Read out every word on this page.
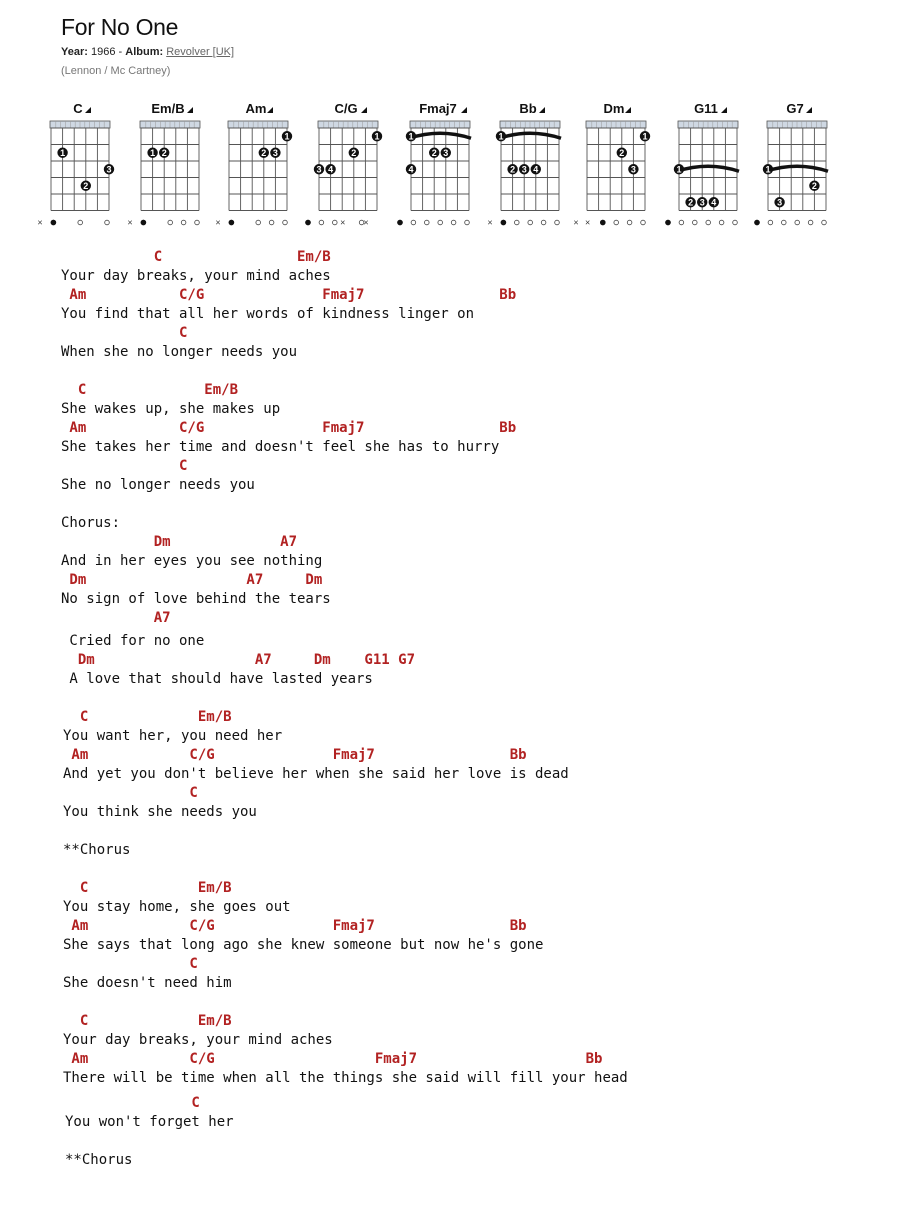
For No One
Year: 1966 - Album: Revolver [UK]
(Lennon / Mc Cartney)
C
1
2
3
×
Em/B
1 2
×
Am
2 3
1
×
C/G
3 4
2
1
× ×
Fmaj7
1
4
2 3
Bb
1
2 3 4
×
Dm
2
3
1
× ×
G11
1
2 3 4
G7
1
3
2
C                Em/B
Your day breaks, your mind aches
Am           C/G              Fmaj7                Bb
You find that all her words of kindness linger on
C
When she no longer needs you
C              Em/B
She wakes up, she makes up
Am           C/G              Fmaj7                Bb
She takes her time and doesn't feel she has to hurry
C
She no longer needs you
Chorus:
Dm             A7
And in her eyes you see nothing
Dm                   A7     Dm
No sign of love behind the tears
A7
Cried for no one
Dm                   A7     Dm    G11 G7
A love that should have lasted years
C             Em/B
You want her, you need her
Am            C/G              Fmaj7                Bb
And yet you don't believe her when she said her love is dead
C
You think she needs you
**Chorus
C             Em/B
You stay home, she goes out
Am            C/G              Fmaj7                Bb
She says that long ago she knew someone but now he's gone
C
She doesn't need him
C             Em/B
Your day breaks, your mind aches
Am            C/G                   Fmaj7                    Bb
There will be time when all the things she said will fill your head
C
You won't forget her
**Chorus
